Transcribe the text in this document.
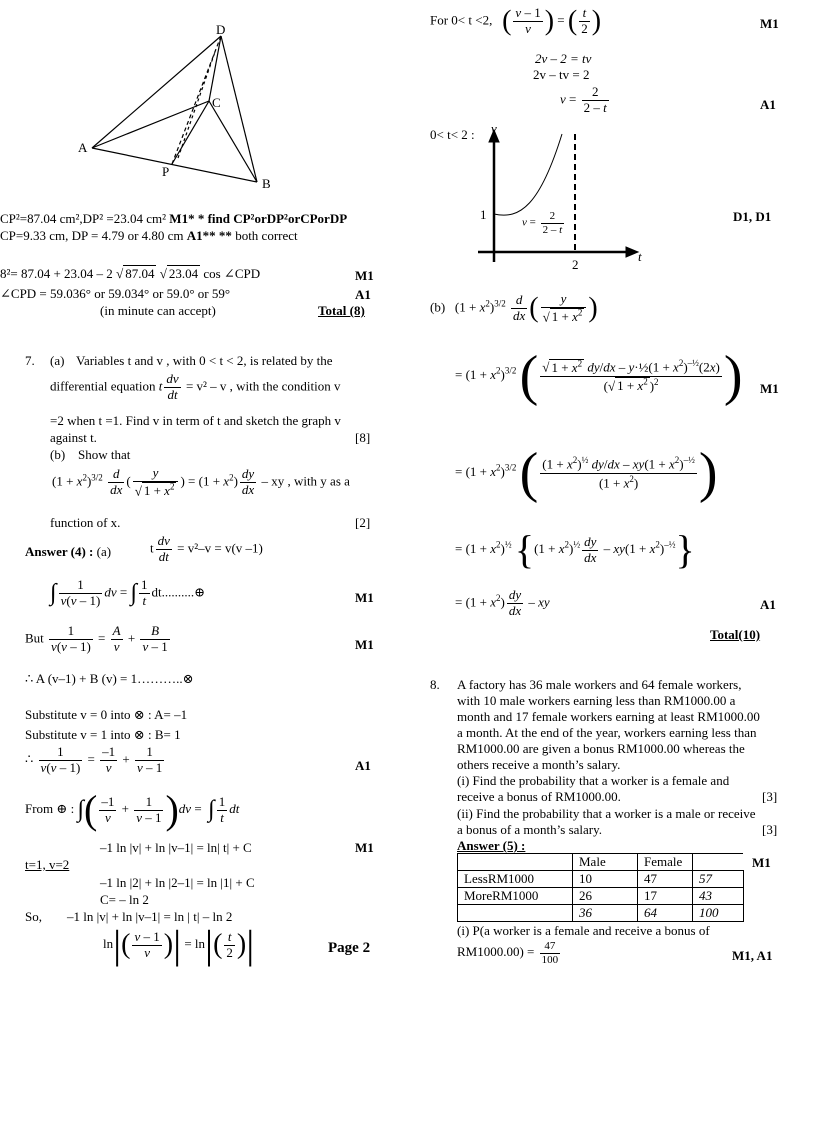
D
C
A
P
B
CP²=87.04 cm²,DP² =23.04 cm² M1* * find CP²orDP²orCPorDP
CP=9.33 cm, DP = 4.79 or 4.80 cm A1** ** both correct
8²= 87.04 + 23.04 – 2 √ 87.04 √ 23.04 cos ∠CPD	M1
∠CPD = 59.036° or 59.034° or 59.0° or 59°	A1
(in minute can accept)	Total (8)
7. (a) Variables t and v , with 0 < t < 2, is related by the
differential equation t $\frac{dv}{dt} = v^2 - v$ , with the condition v
=2 when t =1. Find v in term of t and sketch the graph v
against t.	[8]
(b) Show that
$(1 + x^2)^{3/2} \frac{d}{dx}$ ( $\frac{y}{√ 1 + x^2}$ ) = $(1 + x^2) \frac{dy}{dx}$ – xy , with y as a
function of x.	[2]
Answer (4) : (a)	t $\frac{dv}{dt} = v^2-v = v(v$ –1)
∫ $\frac{1}{v(v - 1)}$ dv = ∫ $\frac{1}{t}$ dt..........⊕	M1
But $\frac{1}{v(v - 1)} = \frac{A}{v} + \frac{B}{v - 1}$	M1
∴ A (v–1) + B (v) = 1………..⊗
Substitute v = 0 into ⊗ : A= –1
Substitute v = 1 into ⊗ : B= 1
∴ $\frac{1}{v(v - 1)} = \frac{-1}{v} + \frac{1}{v - 1}$	A1
From ⊕ : ∫( $\frac{-1}{v} + \frac{1}{v - 1} )dv$ =  ∫ $\frac{1}{t}$ dt
–1 ln |v| + ln |v–1| = ln| t| + C	M1
t=1, v=2
–1 ln |2| + ln |2–1| = ln |1| + C
C= – ln 2
So, –1 ln |v| + ln |v–1| = ln | t| – ln 2
$\ln|( \frac{v - 1}{v}$ )| = $\ln|( \frac{t}{2}$ )|	Page 2
For 0< t <2, ( $\frac{v - 1}{v}$ ) = ( $\frac{t}{2}$ )	M1
2v – 2 = tv
2v – tv = 2
$v = \frac{2}{2 - t}$	A1
0< t< 2 : v
t
1
2
$v = \frac{2}{2 - t}$	D1, D1
(b)   $(1 + x^2)^{3/2} \frac{d}{dx}$ ( $\frac{y}{√ 1 + x^2}$ )
= $(1 + x^2)^{3/2}$ ( $\frac{√ 1 + x^2 dy/dx - y\cdot\frac{1}{2}(1 + x^2)^{-\frac{1}{2}}(2x)}{(√ 1 + x^2 )^2}$ ) M1
= $(1 + x^2)^{3/2}$ ( $\frac{(1 + x^2)^{\frac{1}{2}} dy/dx - xy(1 + x^2)^{-\frac{1}{2}}}{(1 + x^2)}$ )
= $(1 + x^2)^{\frac{1}{2}}$ $\{(1 + x^2)^{\frac{1}{2}} \frac{dy}{dx} - xy(1 + x^2)^{-\frac{1}{2}}\}$
= $(1 + x^2) \frac{dy}{dx}$ – xy	A1
Total(10)
8. A factory has 36 male workers and 64 female workers,
with 10 male workers earning less than RM1000.00 a
month and 17 female workers earning at least RM1000.00
a month. At the end of the year, workers earning less than
RM1000.00 are given a bonus RM1000.00 whereas the
others receive a month’s salary.
(i) Find the probability that a worker is a female and
receive a bonus of RM1000.00.	[3]
(ii) Find the probability that a worker is a male or receive
a bonus of a month’s salary.	[3]
Answer (5) :
	Male	Female	
LessRM1000	10	47	57
MoreRM1000	26	17	43
	36	64	100
M1
(i) P(a worker is a female and receive a bonus of
$RM1000.00) = \frac{47}{100}$	M1, A1
